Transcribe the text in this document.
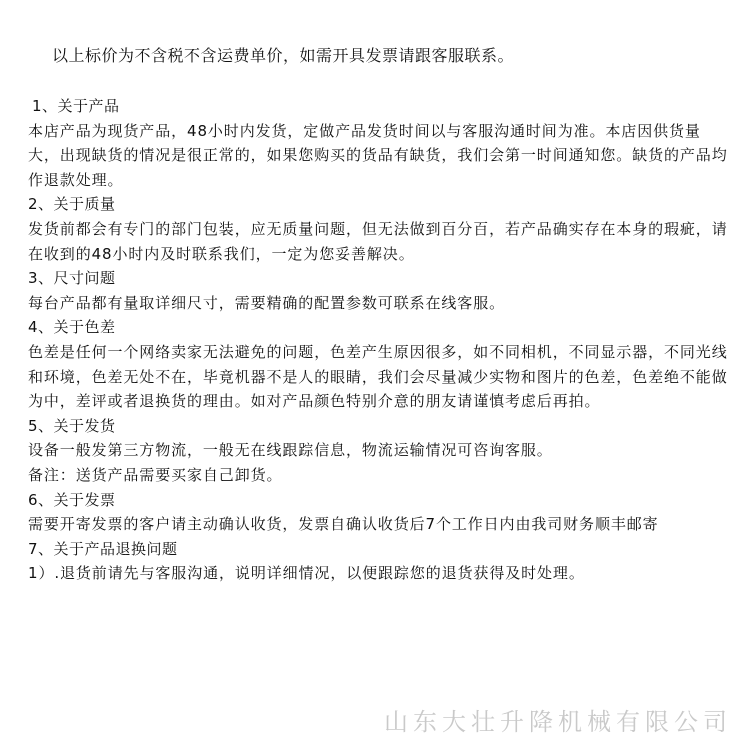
以上标价为不含税不含运费单价，如需开具发票请跟客服联系。
1、关于产品
本店产品为现货产品，48小时内发货，定做产品发货时间以与客服沟通时间为准。本店因供货量大，出现缺货的情况是很正常的，如果您购买的货品有缺货，我们会第一时间通知您。缺货的产品均作退款处理。
2、关于质量
发货前都会有专门的部门包装，应无质量问题，但无法做到百分百，若产品确实存在本身的瑕疵，请在收到的48小时内及时联系我们，一定为您妥善解决。
3、尺寸问题
每台产品都有量取详细尺寸，需要精确的配置参数可联系在线客服。
4、关于色差
色差是任何一个网络卖家无法避免的问题，色差产生原因很多，如不同相机，不同显示器，不同光线和环境，色差无处不在，毕竟机器不是人的眼睛，我们会尽量减少实物和图片的色差，色差绝不能做为中，差评或者退换货的理由。如对产品颜色特别介意的朋友请谨慎考虑后再拍。
5、关于发货
设备一般发第三方物流，一般无在线跟踪信息，物流运输情况可咨询客服。
备注：送货产品需要买家自己卸货。
6、关于发票
需要开寄发票的客户请主动确认收货，发票自确认收货后7个工作日内由我司财务顺丰邮寄
7、关于产品退换问题
1）.退货前请先与客服沟通，说明详细情况，以便跟踪您的退货获得及时处理。
山东大壮升降机械有限公司
